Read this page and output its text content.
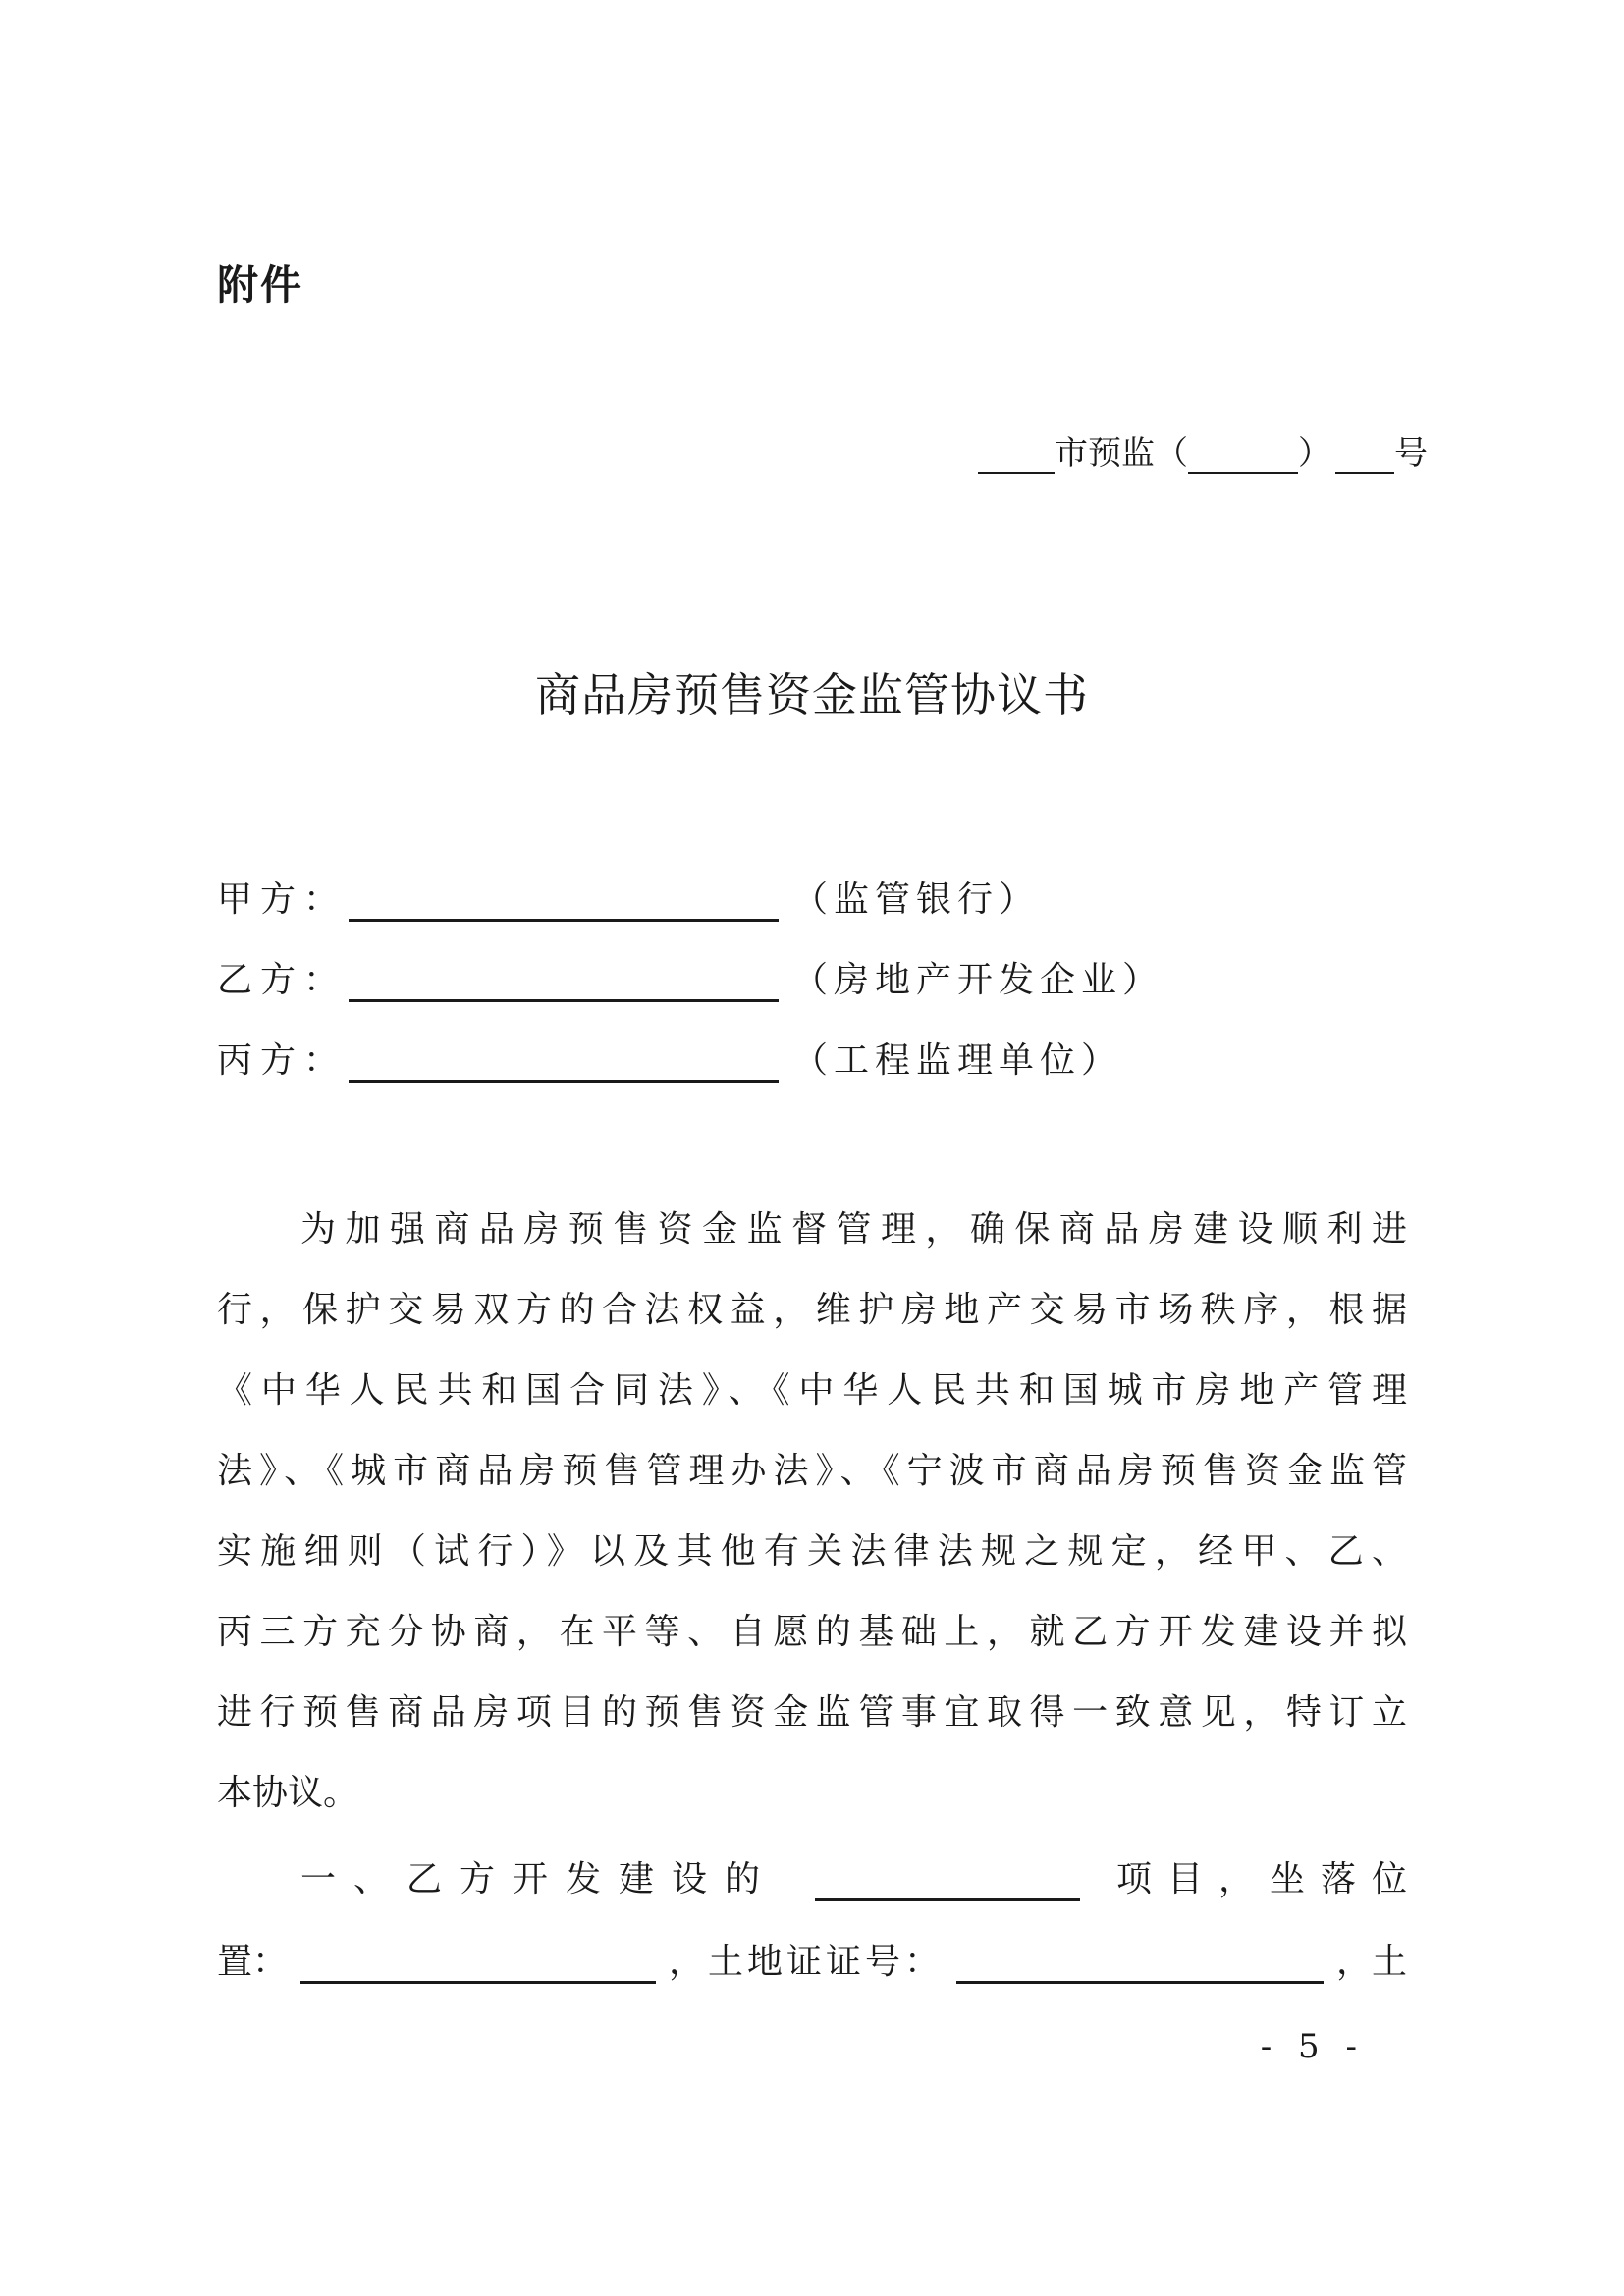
附件
市预监（	） 号
商品房预售资金监管协议书
甲方：	（监管银行）
乙方：	（房地产开发企业）
丙方：	（工程监理单位）
为加强商品房预售资金监督管理，确保商品房建设顺利进
行，保护交易双方的合法权益，维护房地产交易市场秩序，根据
《中华人民共和国合同法》、《中华人民共和国城市房地产管理
法》、《城市商品房预售管理办法》、《宁波市商品房预售资金监管
实施细则（试行）》以及其他有关法律法规之规定，经甲、乙、
丙三方充分协商，在平等、自愿的基础上，就乙方开发建设并拟
进行预售商品房项目的预售资金监管事宜取得一致意见，特订立
本协议。
一、乙方开发建设的	项目，坐落位
置：	，土地证证号：	，土
- 5 -
